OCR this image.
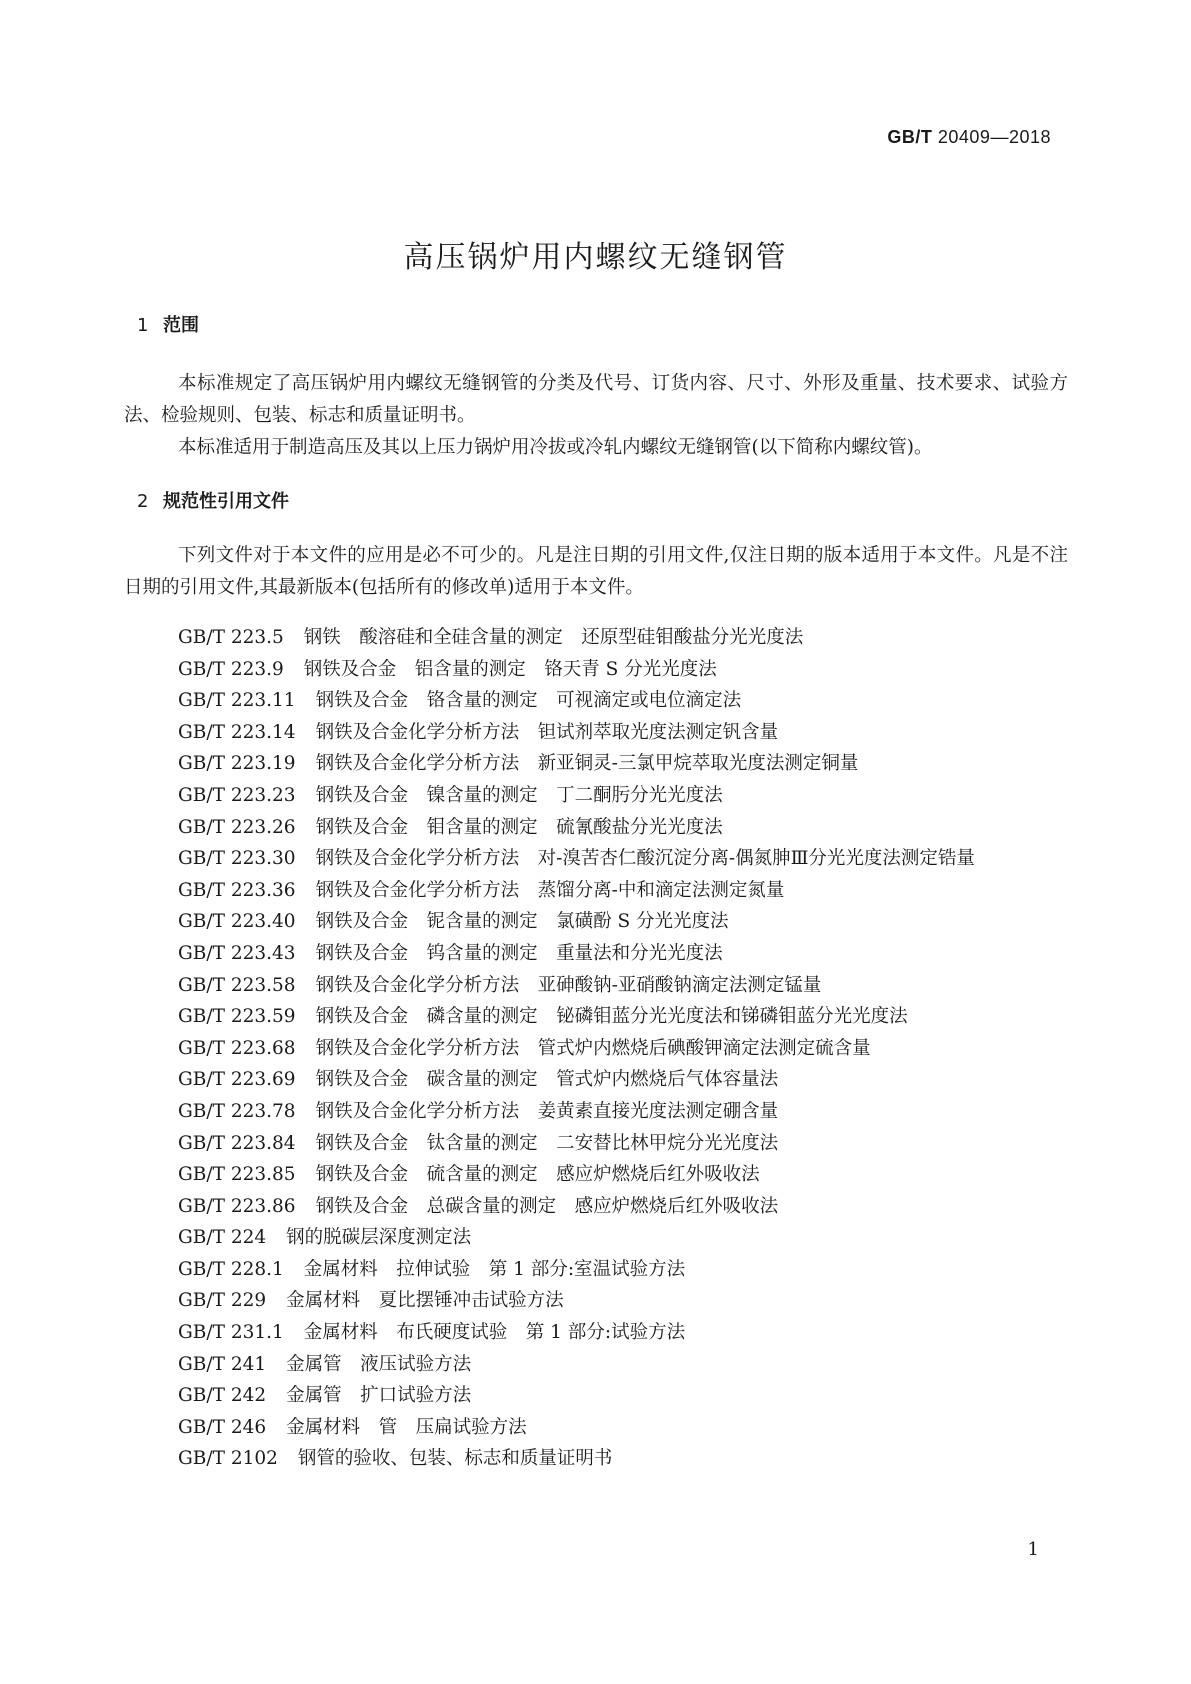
GB/T 20409—2018
高压锅炉用内螺纹无缝钢管
1 范围
本标准规定了高压锅炉用内螺纹无缝钢管的分类及代号、订货内容、尺寸、外形及重量、技术要求、试验方法、检验规则、包装、标志和质量证明书。
本标准适用于制造高压及其以上压力锅炉用冷拔或冷轧内螺纹无缝钢管(以下简称内螺纹管)。
2 规范性引用文件
下列文件对于本文件的应用是必不可少的。凡是注日期的引用文件,仅注日期的版本适用于本文件。凡是不注日期的引用文件,其最新版本(包括所有的修改单)适用于本文件。
GB/T 223.5 钢铁　酸溶硅和全硅含量的测定　还原型硅钼酸盐分光光度法
GB/T 223.9 钢铁及合金　铝含量的测定　铬天青 S 分光光度法
GB/T 223.11 钢铁及合金　铬含量的测定　可视滴定或电位滴定法
GB/T 223.14 钢铁及合金化学分析方法　钽试剂萃取光度法测定钒含量
GB/T 223.19 钢铁及合金化学分析方法　新亚铜灵-三氯甲烷萃取光度法测定铜量
GB/T 223.23 钢铁及合金　镍含量的测定　丁二酮肟分光光度法
GB/T 223.26 钢铁及合金　钼含量的测定　硫氰酸盐分光光度法
GB/T 223.30 钢铁及合金化学分析方法　对-溴苦杏仁酸沉淀分离-偶氮胂Ⅲ分光光度法测定锆量
GB/T 223.36 钢铁及合金化学分析方法　蒸馏分离-中和滴定法测定氮量
GB/T 223.40 钢铁及合金　铌含量的测定　氯磺酚 S 分光光度法
GB/T 223.43 钢铁及合金　钨含量的测定　重量法和分光光度法
GB/T 223.58 钢铁及合金化学分析方法　亚砷酸钠-亚硝酸钠滴定法测定锰量
GB/T 223.59 钢铁及合金　磷含量的测定　铋磷钼蓝分光光度法和锑磷钼蓝分光光度法
GB/T 223.68 钢铁及合金化学分析方法　管式炉内燃烧后碘酸钾滴定法测定硫含量
GB/T 223.69 钢铁及合金　碳含量的测定　管式炉内燃烧后气体容量法
GB/T 223.78 钢铁及合金化学分析方法　姜黄素直接光度法测定硼含量
GB/T 223.84 钢铁及合金　钛含量的测定　二安替比林甲烷分光光度法
GB/T 223.85 钢铁及合金　硫含量的测定　感应炉燃烧后红外吸收法
GB/T 223.86 钢铁及合金　总碳含量的测定　感应炉燃烧后红外吸收法
GB/T 224 钢的脱碳层深度测定法
GB/T 228.1 金属材料　拉伸试验　第 1 部分:室温试验方法
GB/T 229 金属材料　夏比摆锤冲击试验方法
GB/T 231.1 金属材料　布氏硬度试验　第 1 部分:试验方法
GB/T 241 金属管　液压试验方法
GB/T 242 金属管　扩口试验方法
GB/T 246 金属材料　管　压扁试验方法
GB/T 2102 钢管的验收、包装、标志和质量证明书
1
